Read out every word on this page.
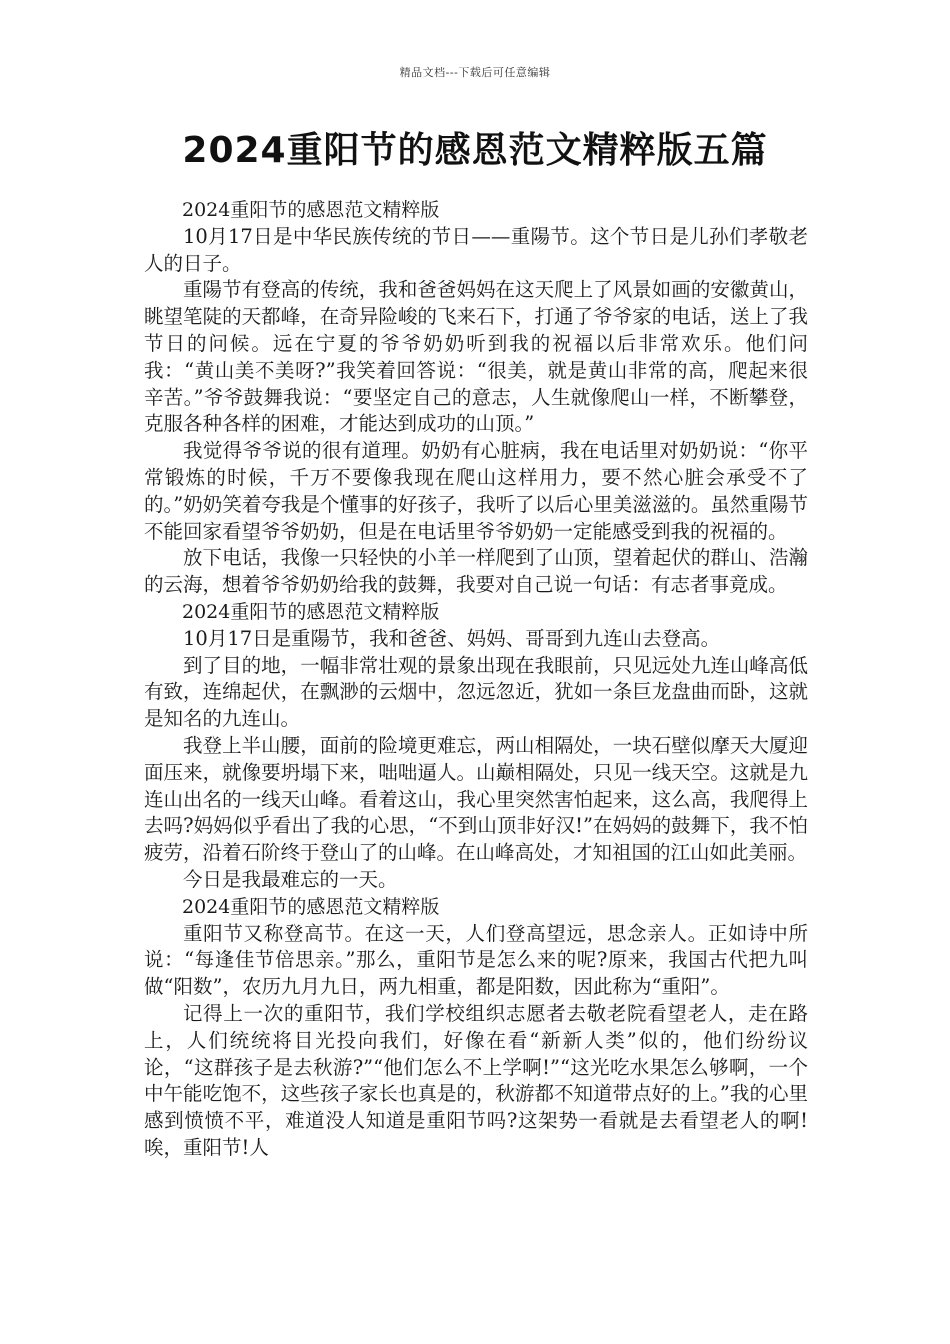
精品文档---下载后可任意编辑
2024重阳节的感恩范文精粹版五篇

2024重阳节的感恩范文精粹版

10月17日是中华民族传统的节日——重陽节。这个节日是儿孙们孝敬老人的日子。

重陽节有登高的传统，我和爸爸妈妈在这天爬上了风景如画的安徽黄山，眺望笔陡的天都峰，在奇异险峻的飞来石下，打通了爷爷家的电话，送上了我节日的问候。远在宁夏的爷爷奶奶听到我的祝福以后非常欢乐。他们问我：“黄山美不美呀?”我笑着回答说：“很美，就是黄山非常的高，爬起来很辛苦。”爷爷鼓舞我说：“要坚定自己的意志，人生就像爬山一样，不断攀登，克服各种各样的困难，才能达到成功的山顶。”

我觉得爷爷说的很有道理。奶奶有心脏病，我在电话里对奶奶说：“你平常锻炼的时候，千万不要像我现在爬山这样用力，要不然心脏会承受不了的。”奶奶笑着夸我是个懂事的好孩子，我听了以后心里美滋滋的。虽然重陽节不能回家看望爷爷奶奶，但是在电话里爷爷奶奶一定能感受到我的祝福的。

放下电话，我像一只轻快的小羊一样爬到了山顶，望着起伏的群山、浩瀚的云海，想着爷爷奶奶给我的鼓舞，我要对自己说一句话：有志者事竟成。

2024重阳节的感恩范文精粹版

10月17日是重陽节，我和爸爸、妈妈、哥哥到九连山去登高。

到了目的地，一幅非常壮观的景象出现在我眼前，只见远处九连山峰高低有致，连绵起伏，在飘渺的云烟中，忽远忽近，犹如一条巨龙盘曲而卧，这就是知名的九连山。

我登上半山腰，面前的险境更难忘，两山相隔处，一块石壁似摩天大厦迎面压来，就像要坍塌下来，咄咄逼人。山巅相隔处，只见一线天空。这就是九连山出名的一线天山峰。看着这山，我心里突然害怕起来，这么高，我爬得上去吗?妈妈似乎看出了我的心思，“不到山顶非好汉!”在妈妈的鼓舞下，我不怕疲劳，沿着石阶终于登山了的山峰。在山峰高处，才知祖国的江山如此美丽。

今日是我最难忘的一天。

2024重阳节的感恩范文精粹版

重阳节又称登高节。在这一天，人们登高望远，思念亲人。正如诗中所说：“每逢佳节倍思亲。”那么，重阳节是怎么来的呢?原来，我国古代把九叫做“阳数”，农历九月九日，两九相重，都是阳数，因此称为“重阳”。

记得上一次的重阳节，我们学校组织志愿者去敬老院看望老人，走在路上，人们统统将目光投向我们，好像在看“新新人类”似的，他们纷纷议论，“这群孩子是去秋游?”“他们怎么不上学啊!”“这光吃水果怎么够啊，一个中午能吃饱不，这些孩子家长也真是的，秋游都不知道带点好的上。”我的心里感到愤愤不平，难道没人知道是重阳节吗?这架势一看就是去看望老人的啊!唉，重阳节!人
